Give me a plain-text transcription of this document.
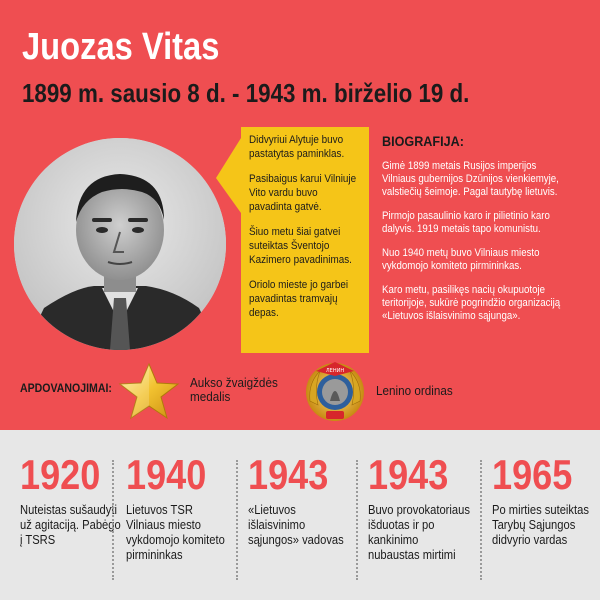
Juozas Vitas
1899 m. sausio 8 d. - 1943 m. birželio 19 d.

Didvyriui Alytuje buvo pastatytas paminklas.

Pasibaigus karui Vilniuje Vito vardu buvo pavadinta gatvė.

Šiuo metu šiai gatvei suteiktas Šventojo Kazimero pavadinimas.

Oriolo mieste jo garbei pavadintas tramvajų depas.

BIOGRAFIJA:

Gimė 1899 metais Rusijos imperijos Vilniaus gubernijos Dzūnijos vienkiemyje, valstiečių šeimoje. Pagal tautybę lietuvis.

Pirmojo pasaulinio karo ir pilietinio karo dalyvis. 1919 metais tapo komunistu.

Nuo 1940 metų buvo Vilniaus miesto vykdomojo komiteto pirmininkas.

Karo metu, pasilikęs nacių okupuotoje teritorijoje, sukūrė pogrindžio organizaciją «Lietuvos išlaisvinimo sąjunga».

APDOVANOJIMAI:	Aukso žvaigždės medalis

ЛЕНИН

Lenino ordinas

1920

Nuteistas sušaudyti už agitaciją. Pabėgo į TSRS

1940

Lietuvos TSR Vilniaus miesto vykdomojo komiteto pirmininkas

1943

«Lietuvos išlaisvinimo sąjungos» vadovas

1943

Buvo provokatoriaus išduotas ir po kankinimo nubaustas mirtimi

1965

Po mirties suteiktas Tarybų Sąjungos didvyrio vardas
